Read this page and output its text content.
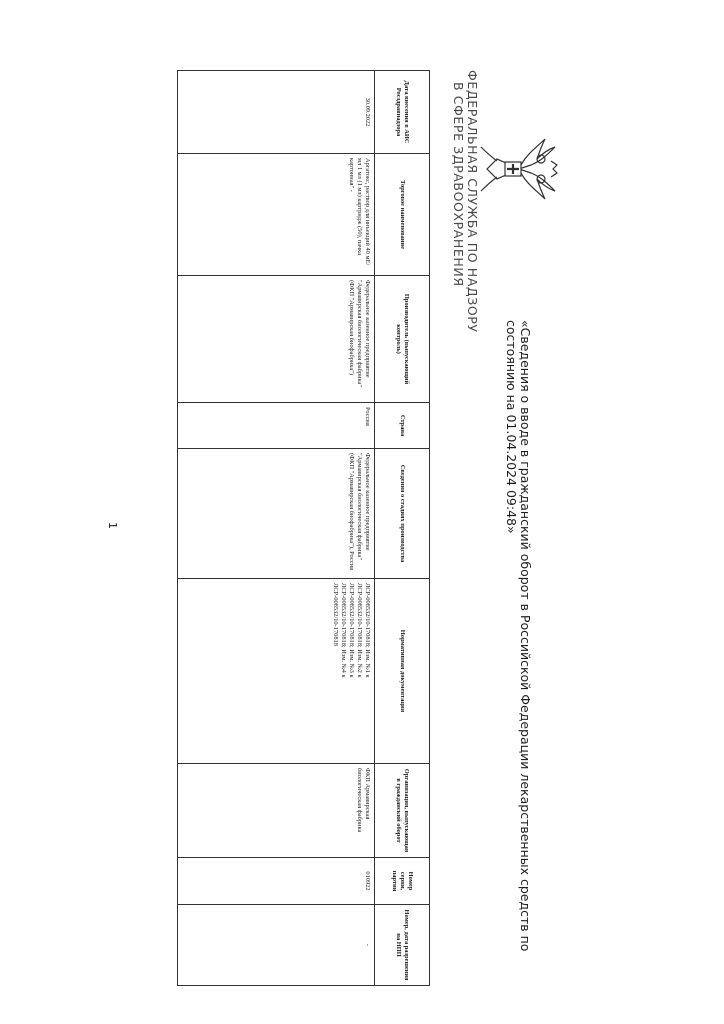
ФЕДЕРАЛЬНАЯ СЛУЖБА ПО НАДЗОРУ
В СФЕРЕ ЗДРАВООХРАНЕНИЯ
«Сведения о вводе в гражданский оборот в Российской Федерации лекарственных средств по состоянию на 01.04.2024 09:48»
Дата внесения в АИС Росздравнадзора	Торговое наименование	Производитель (выпускающий контроль)	Страна	Сведения о стадиях производства	Нормативная документация	Организация, выпускающая в гражданский оборот	Номер серии, партии	Номер, дата разрешения на НПП
30.09.2022	Аргатокс, раствор для инъекций 40 мЕ/мл 1 мл (1 мл) картридж (50), пачка картонная" -	Федеральное казенное предприятие "Армавирская биологическая фабрика" (ФКП "Армавирская биофабрика")	Россия	Федеральное казенное предприятие "Армавирская биологическая фабрика" (ФКП "Армавирская биофабрика"), Россия	ЛСР-008532/10-170818; Изм. №1 к
ЛСР-008532/10-170818; Изм. №2 к
ЛСР-008532/10-170818; Изм. №3 к
ЛСР-008532/10-170818; Изм. №4 к
ЛСР-008532/10-170818	ФКП Армавирская биологическая фабрика	010922	-
1
